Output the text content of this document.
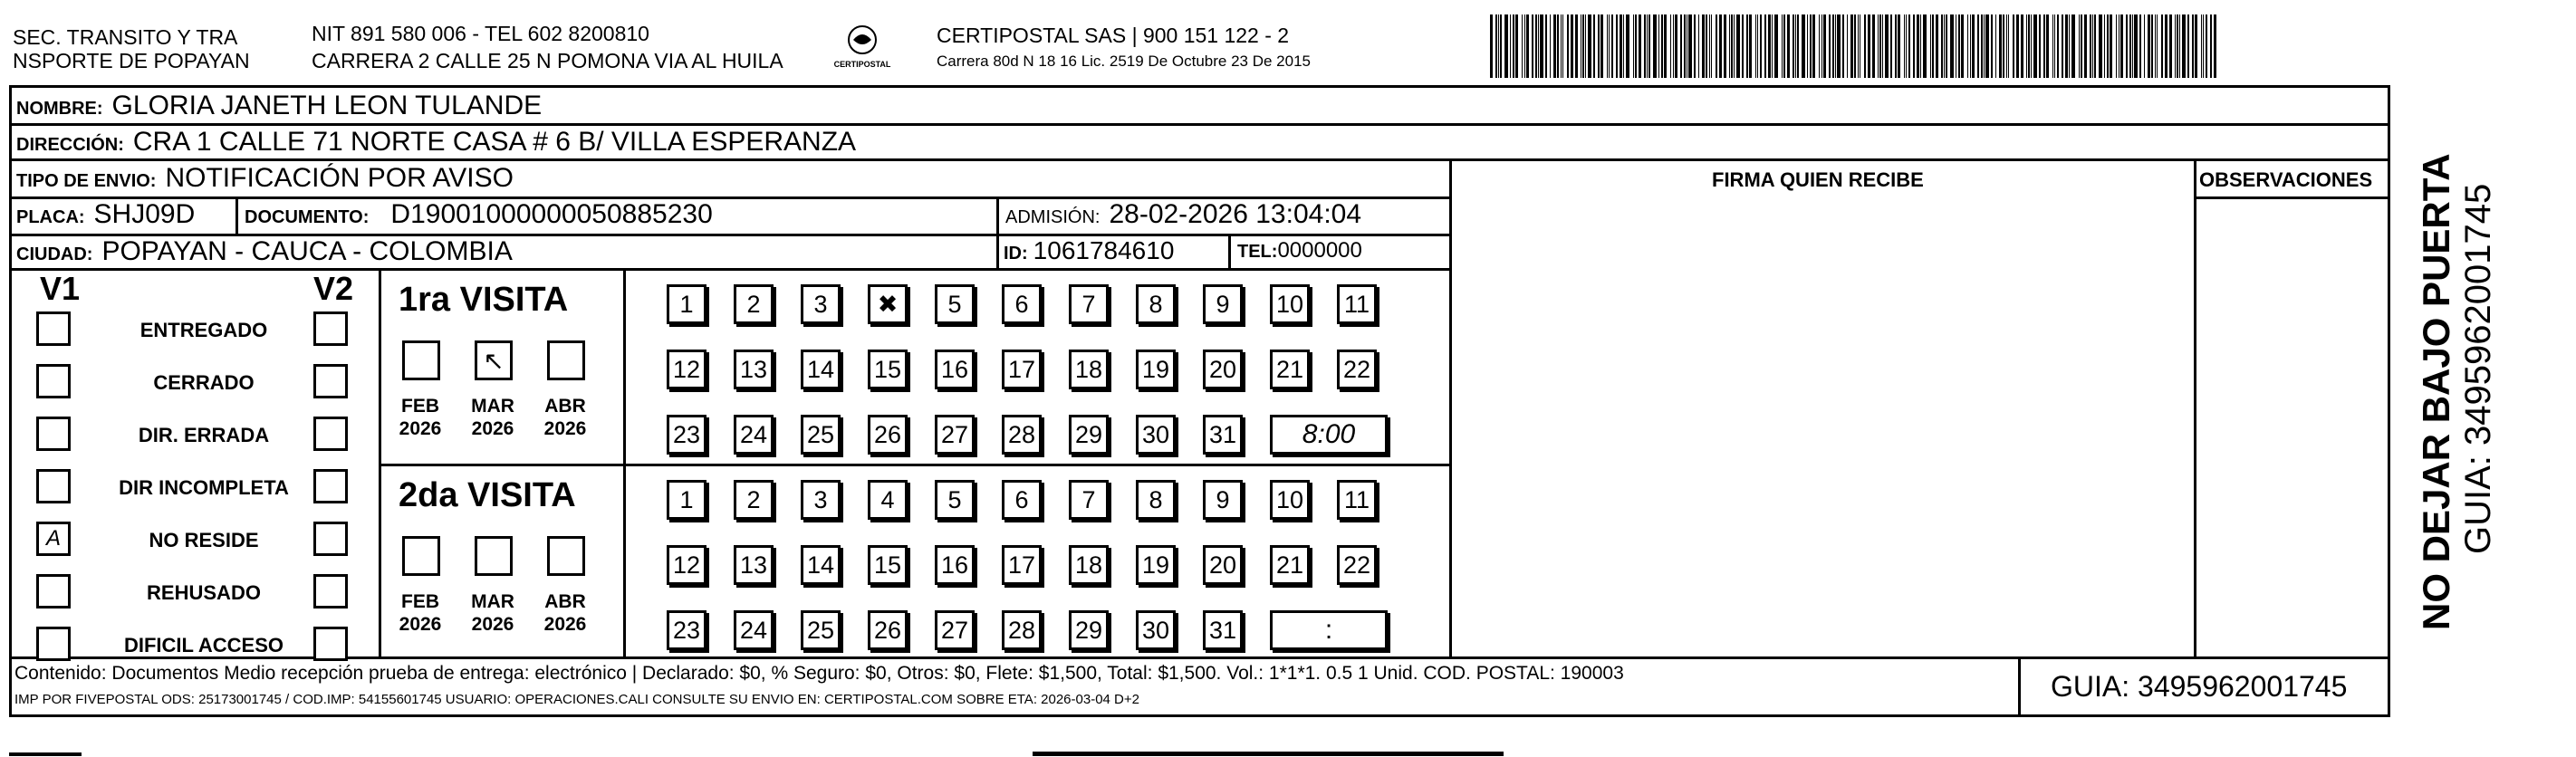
SEC. TRANSITO Y TRA
NSPORTE DE POPAYAN
NIT 891 580 006 - TEL 602 8200810
CARRERA 2 CALLE 25 N POMONA VIA AL HUILA	CERTIPOSTAL
CERTIPOSTAL SAS | 900 151 122 - 2
Carrera 80d N 18 16 Lic. 2519 De Octubre 23 De 2015
NOMBRE: GLORIA JANETH LEON TULANDE
DIRECCIÓN: CRA 1 CALLE 71 NORTE CASA # 6 B/ VILLA ESPERANZA
TIPO DE ENVIO: NOTIFICACIÓN POR AVISO	FIRMA QUIEN RECIBE	OBSERVACIONES
PLACA: SHJ09D	DOCUMENTO: D19001000000050885230	ADMISIÓN: 28-02-2026 13:04:04
CIUDAD: POPAYAN - CAUCA - COLOMBIA	ID: 1061784610	TEL: 0000000
V1	V2
ENTREGADO
CERRADO
DIR. ERRADA
DIR INCOMPLETA
A	NO RESIDE
REHUSADO
DIFICIL ACCESO
1ra VISITA
FEB
2026
↖
MAR
2026
ABR
2026
1	2	3	✖	5	6	7	8	9	10 11
12 13 14 15 16 17 18 19 20 21 22
23 24 25 26 27 28 29 30 31	8:00
2da VISITA
FEB
2026
MAR
2026
ABR
2026
1	2	3	4	5	6	7	8	9	10 11
12 13 14 15 16 17 18 19 20 21 22
23 24 25 26 27 28 29 30 31	:
Contenido: Documentos Medio recepción prueba de entrega: electrónico | Declarado: $0, % Seguro: $0, Otros: $0, Flete: $1,500, Total: $1,500. Vol.: 1*1*1. 0.5 1 Unid. COD. POSTAL: 190003
IMP POR FIVEPOSTAL ODS: 25173001745 / COD.IMP: 54155601745 USUARIO: OPERACIONES.CALI CONSULTE SU ENVIO EN: CERTIPOSTAL.COM SOBRE ETA: 2026-03-04 D+2	GUIA: 3495962001745
NO DEJAR BAJO PUERTA GUIA: 3495962001745
